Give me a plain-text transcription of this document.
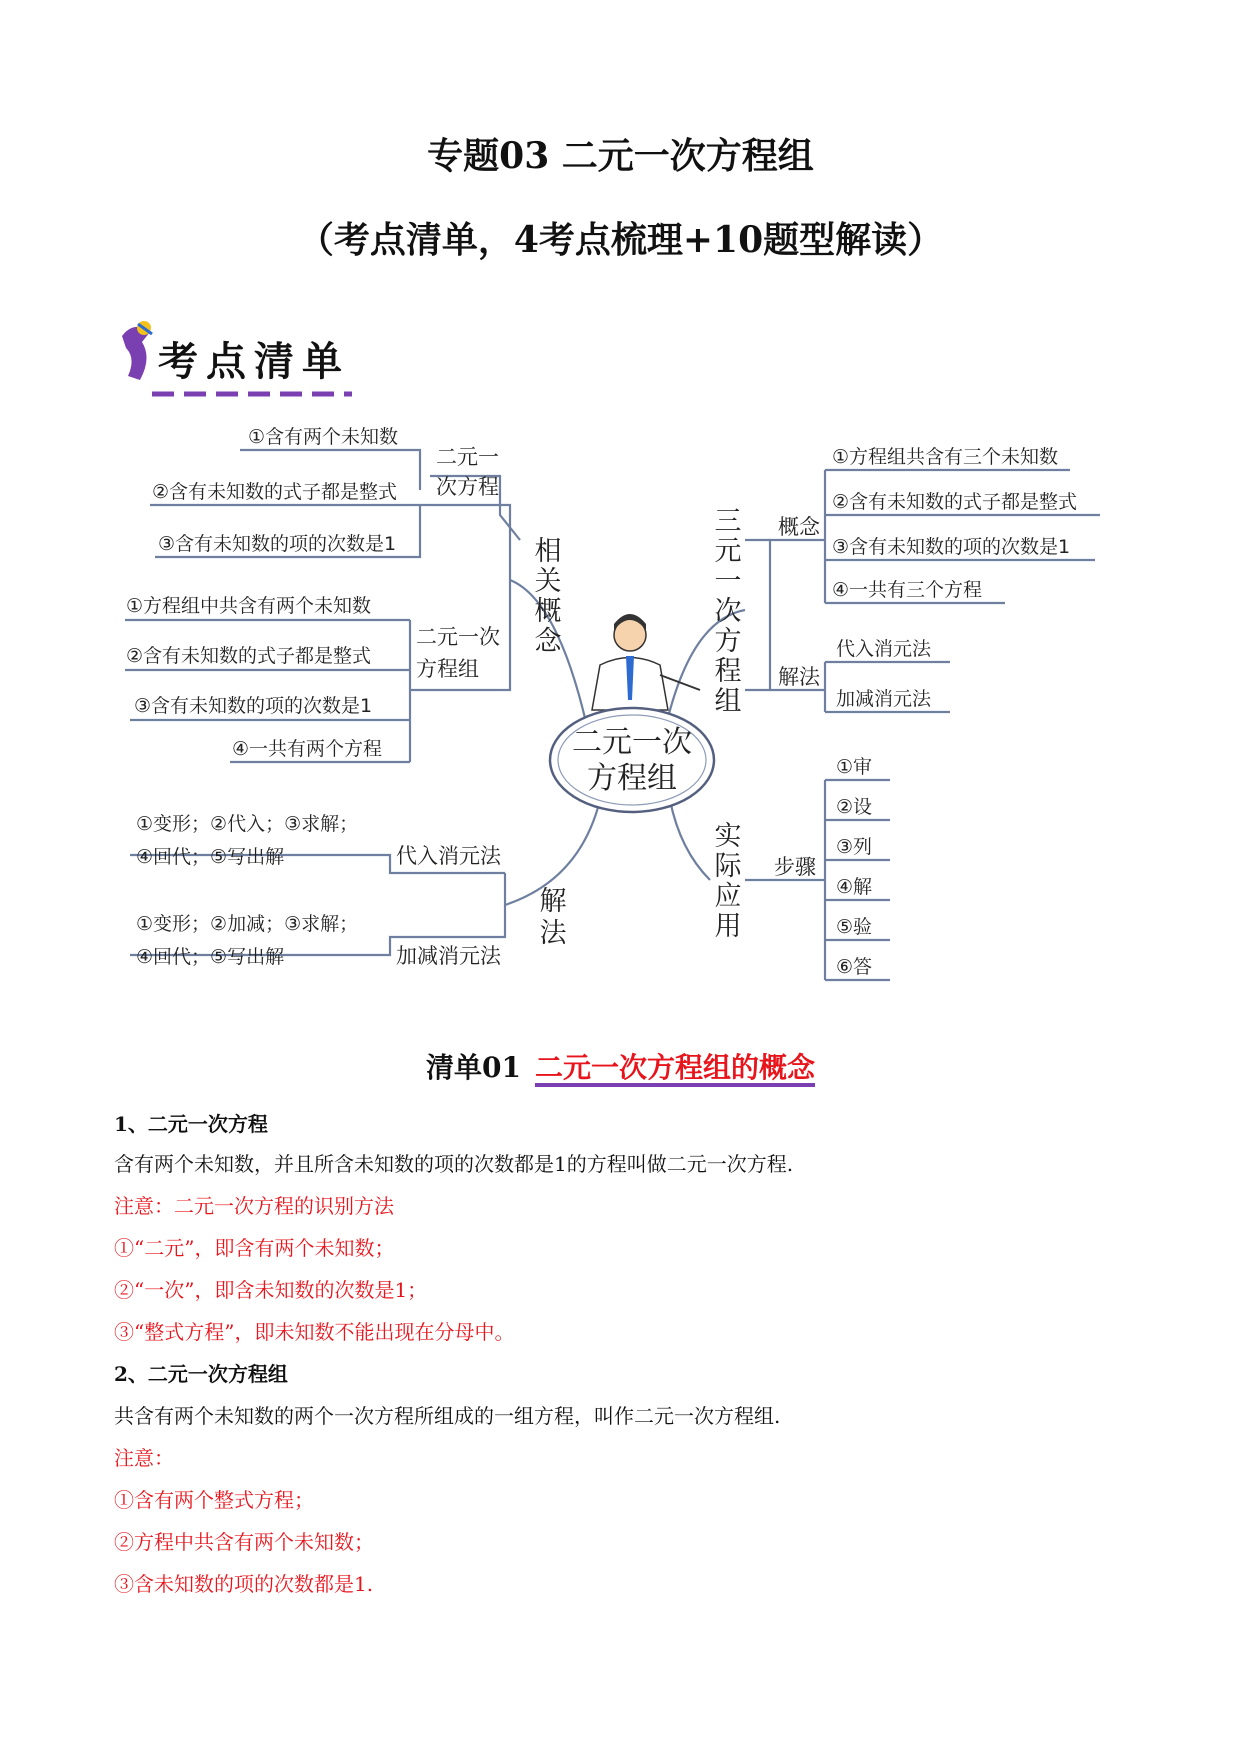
专题03 二元一次方程组
（考点清单，4考点梳理+10题型解读）
考点清单
二元一次
方程组
相
关
概
念
二元一
次方程
①含有两个未知数
②含有未知数的式子都是整式
③含有未知数的项的次数是1
二元一次
方程组
①方程组中共含有两个未知数
②含有未知数的式子都是整式
③含有未知数的项的次数是1
④一共有两个方程
解
法
①变形；②代入；③求解；
④回代；⑤写出解	代入消元法
①变形；②加减；③求解；
④回代；⑤写出解	加减消元法
三
元
一
次
方
程
组
概念
①方程组共含有三个未知数
②含有未知数的式子都是整式
③含有未知数的项的次数是1
④一共有三个方程
解法
代入消元法
加减消元法
实
际
应
用
步骤
①审
②设
③列
④解
⑤验
⑥答
清单01 二元一次方程组的概念
1、二元一次方程
含有两个未知数，并且所含未知数的项的次数都是1的方程叫做二元一次方程.
注意：二元一次方程的识别方法
①“二元”，即含有两个未知数；
②“一次”，即含未知数的次数是1；
③“整式方程”，即未知数不能出现在分母中。
2、二元一次方程组
共含有两个未知数的两个一次方程所组成的一组方程，叫作二元一次方程组.
注意：
①含有两个整式方程；
②方程中共含有两个未知数；
③含未知数的项的次数都是1.
